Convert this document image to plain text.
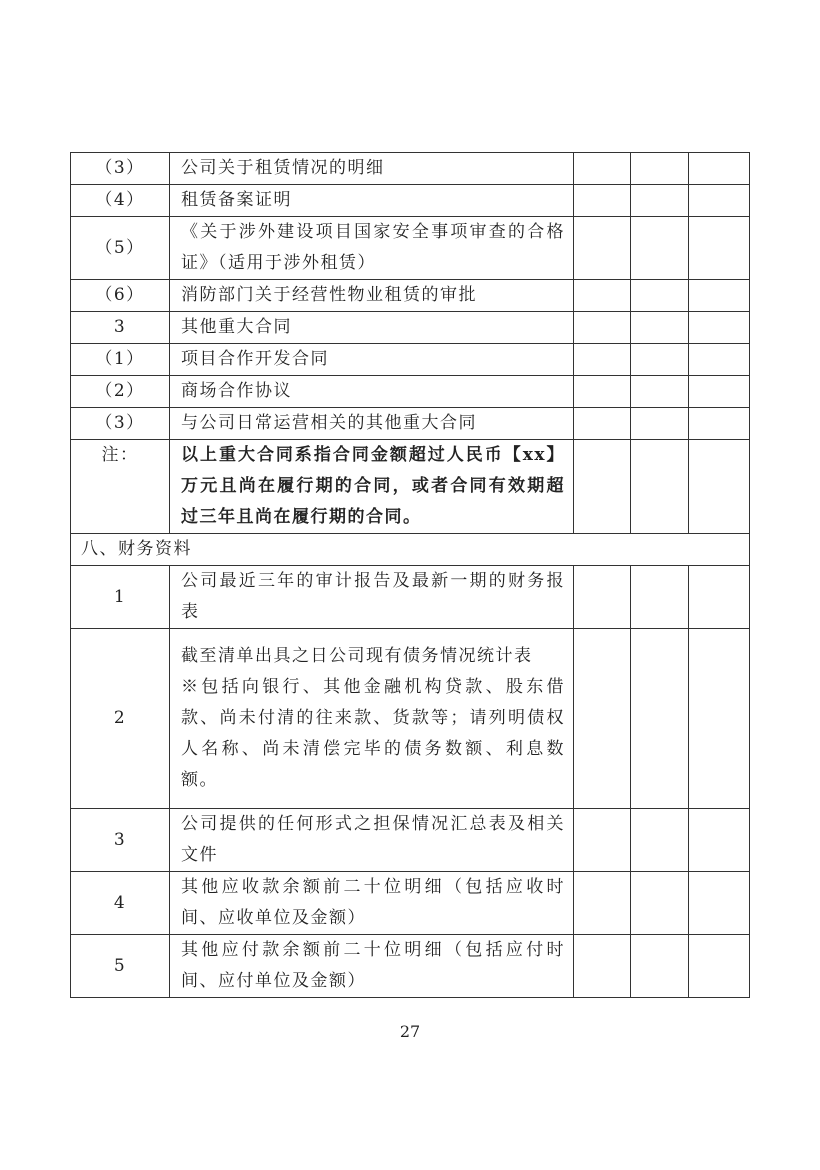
（3）	公司关于租赁情况的明细			
（4）	租赁备案证明			
（5）	《关于涉外建设项目国家安全事项审查的合格证》（适用于涉外租赁）			
（6）	消防部门关于经营性物业租赁的审批			
3	其他重大合同			
（1）	项目合作开发合同			
（2）	商场合作协议			
（3）	与公司日常运营相关的其他重大合同			
注：	以上重大合同系指合同金额超过人民币【xx】万元且尚在履行期的合同，或者合同有效期超过三年且尚在履行期的合同。			
八、财务资料				
1	公司最近三年的审计报告及最新一期的财务报表			
2	截至清单出具之日公司现有债务情况统计表
※包括向银行、其他金融机构贷款、股东借款、尚未付清的往来款、货款等；请列明债权人名称、尚未清偿完毕的债务数额、利息数额。			

3	公司提供的任何形式之担保情况汇总表及相关文件			
4	其他应收款余额前二十位明细（包括应收时间、应收单位及金额）			
5	其他应付款余额前二十位明细（包括应付时间、应付单位及金额）			
27
